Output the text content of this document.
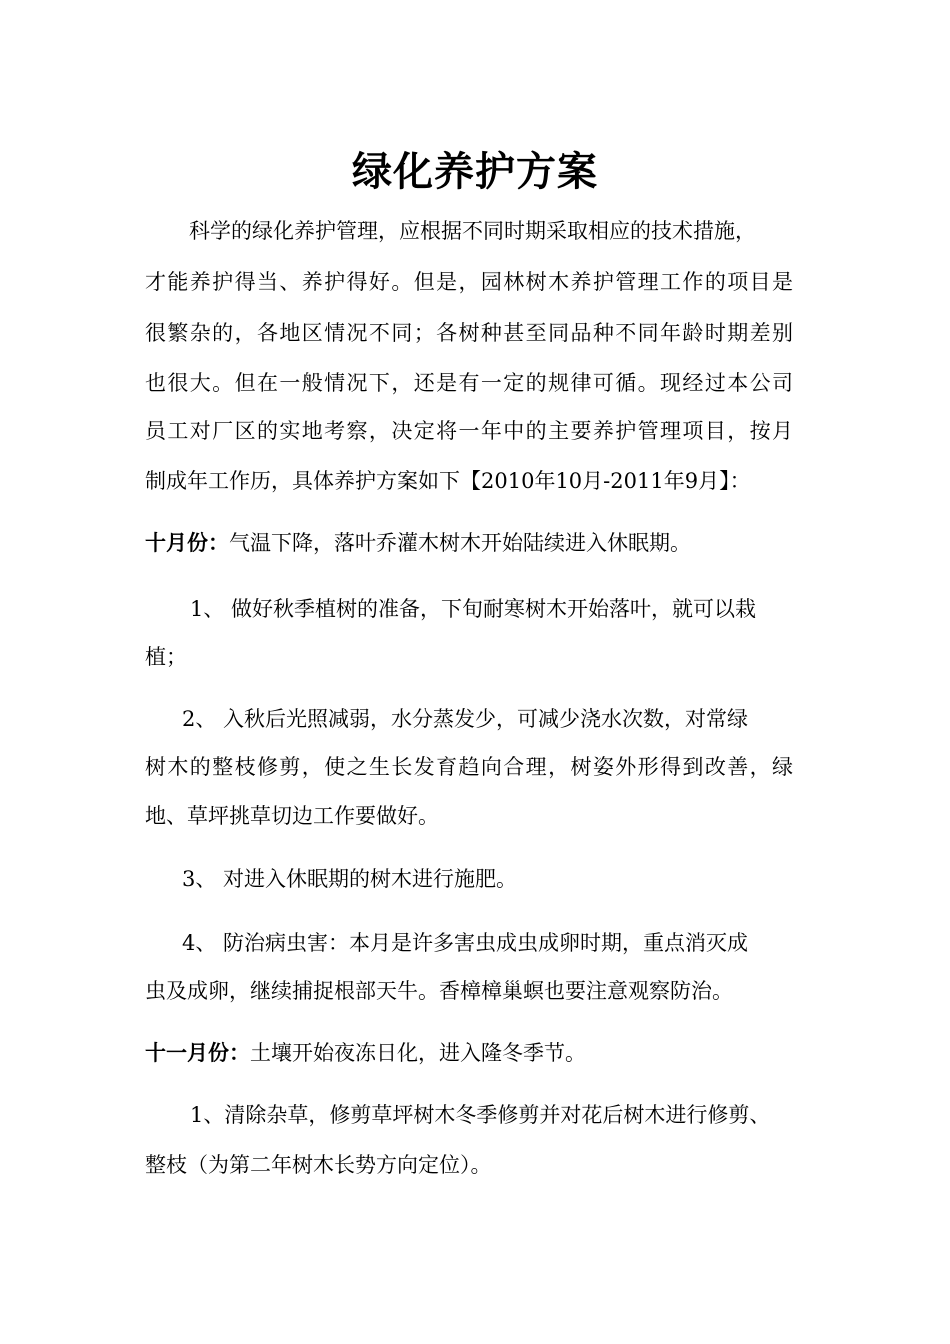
绿化养护方案
科学的绿化养护管理，应根据不同时期采取相应的技术措施，
才能养护得当、养护得好。但是，园林树木养护管理工作的项目是
很繁杂的，各地区情况不同；各树种甚至同品种不同年龄时期差别
也很大。但在一般情况下，还是有一定的规律可循。现经过本公司
员工对厂区的实地考察，决定将一年中的主要养护管理项目，按月
制成年工作历，具体养护方案如下【2010年10月-2011年9月】：
十月份：气温下降，落叶乔灌木树木开始陆续进入休眠期。
1、 做好秋季植树的准备，下旬耐寒树木开始落叶，就可以栽
植；
2、 入秋后光照减弱，水分蒸发少，可减少浇水次数，对常绿
树木的整枝修剪，使之生长发育趋向合理，树姿外形得到改善，绿
地、草坪挑草切边工作要做好。
3、 对进入休眠期的树木进行施肥。
4、 防治病虫害：本月是许多害虫成虫成卵时期，重点消灭成
虫及成卵，继续捕捉根部天牛。香樟樟巢螟也要注意观察防治。
十一月份：土壤开始夜冻日化，进入隆冬季节。
1、清除杂草，修剪草坪树木冬季修剪并对花后树木进行修剪、
整枝（为第二年树木长势方向定位）。
